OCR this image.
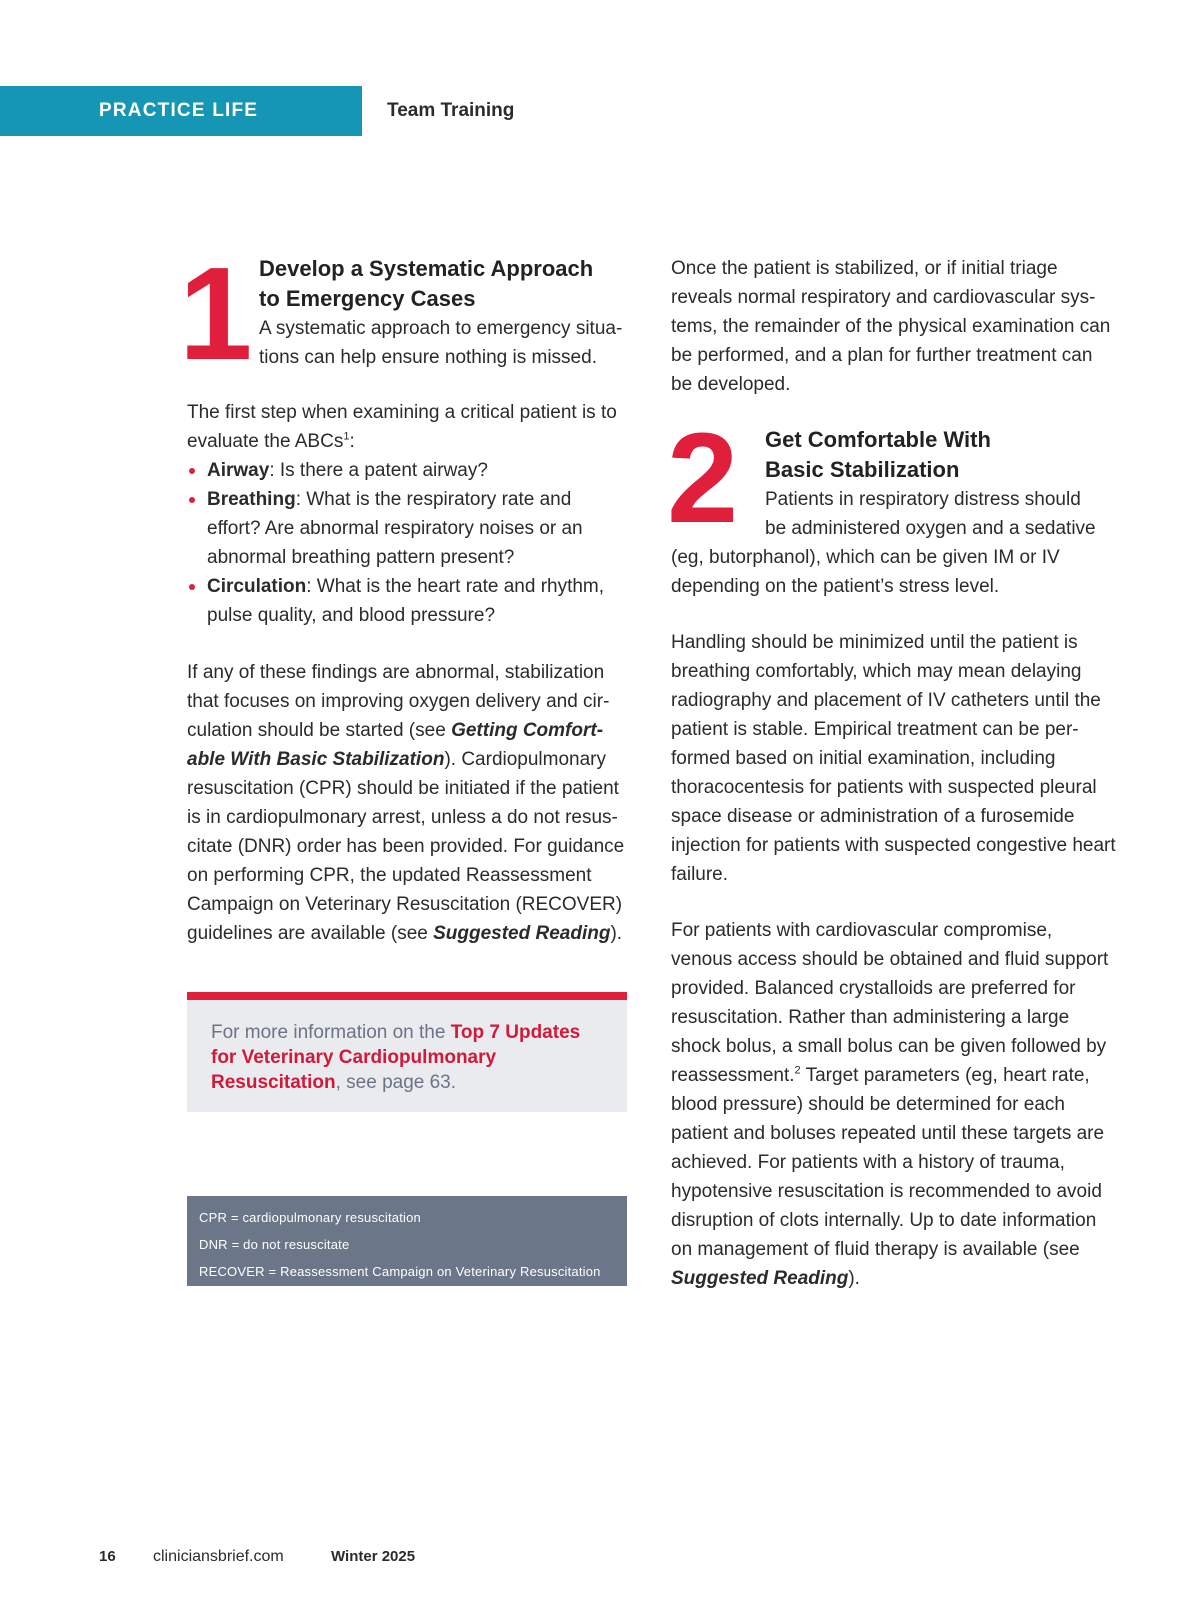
PRACTICE LIFE	Team Training
1 Develop a Systematic Approach
to Emergency Cases
A systematic approach to emergency situa-
tions can help ensure nothing is missed.

The first step when examining a critical patient is to evaluate the ABCs$^1$:

Airway: Is there a patent airway?
Breathing: What is the respiratory rate and effort? Are abnormal respiratory noises or an abnormal breathing pattern present?
Circulation: What is the heart rate and rhythm, pulse quality, and blood pressure?

If any of these findings are abnormal, stabilization that focuses on improving oxygen delivery and cir-culation should be started (see Getting Comfort-able With Basic Stabilization). Cardiopulmonary resuscitation (CPR) should be initiated if the patient is in cardiopulmonary arrest, unless a do not resus-citate (DNR) order has been provided. For guidance on performing CPR, the updated Reassessment Campaign on Veterinary Resuscitation (RECOVER) guidelines are available (see Suggested Reading).

For more information on the Top 7 Updates for Veterinary Cardiopulmonary Resuscitation, see page 63.
CPR = cardiopulmonary resuscitation
DNR = do not resuscitate
RECOVER = Reassessment Campaign on Veterinary Resuscitation

Once the patient is stabilized, or if initial triage reveals normal respiratory and cardiovascular sys-tems, the remainder of the physical examination can be performed, and a plan for further treatment can be developed.

2 Get Comfortable With
Basic Stabilization
Patients in respiratory distress should
be administered oxygen and a sedative

(eg, butorphanol), which can be given IM or IV depending on the patient’s stress level.

Handling should be minimized until the patient is breathing comfortably, which may mean delaying radiography and placement of IV catheters until the patient is stable. Empirical treatment can be per-formed based on initial examination, including thoracocentesis for patients with suspected pleural space disease or administration of a furosemide injection for patients with suspected congestive heart failure.

For patients with cardiovascular compromise, venous access should be obtained and fluid support provided. Balanced crystalloids are preferred for resuscitation. Rather than administering a large shock bolus, a small bolus can be given followed by reassessment.$^2$ Target parameters (eg, heart rate, blood pressure) should be determined for each patient and boluses repeated until these targets are achieved. For patients with a history of trauma, hypotensive resuscitation is recommended to avoid disruption of clots internally. Up to date information on management of fluid therapy is available (see Suggested Reading).

16 cliniciansbrief.com	Winter 2025
